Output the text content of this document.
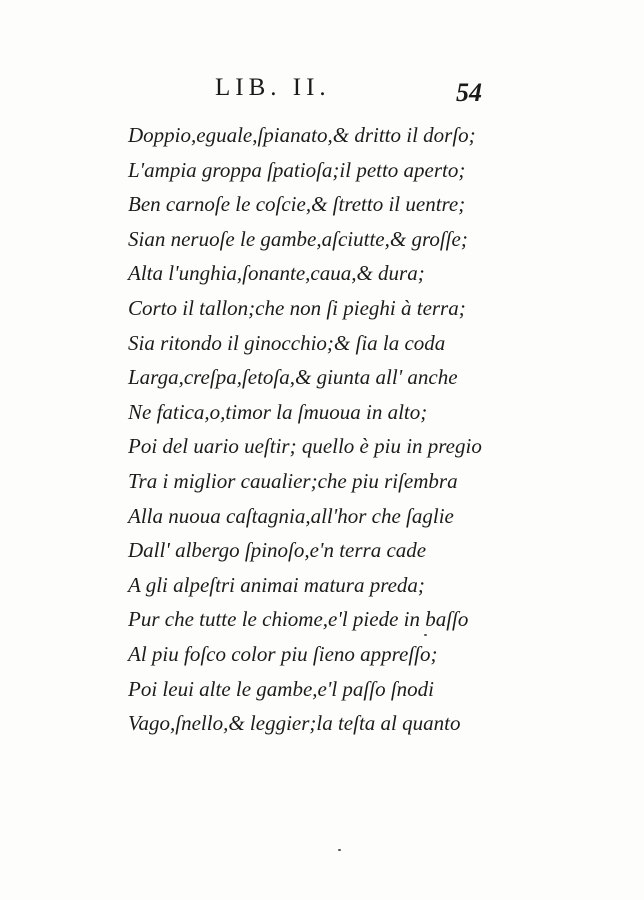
LIB. II.	54
Doppio,eguale,ſpianato,& dritto il dorſo;
L'ampia groppa ſpatioſa;il petto aperto;
Ben carnoſe le coſcie,& ſtretto il uentre;
Sian neruoſe le gambe,aſciutte,& groſſe;
Alta l'unghia,ſonante,caua,& dura;
Corto il tallon;che non ſi pieghi à terra;
Sia ritondo il ginocchio;& ſia la coda
Larga,creſpa,ſetoſa,& giunta all' anche
Ne fatica,o,timor la ſmuoua in alto;
Poi del uario ueſtir; quello è piu in pregio
Tra i miglior caualier;che piu riſembra
Alla nuoua caſtagnia,all'hor che ſaglie
Dall' albergo ſpinoſo,e'n terra cade
A gli alpeſtri animai matura preda;
Pur che tutte le chiome,e'l piede in baſſo
Al piu foſco color piu ſieno appreſſo;
Poi leui alte le gambe,e'l paſſo ſnodi
Vago,ſnello,& leggier;la teſta al quanto
